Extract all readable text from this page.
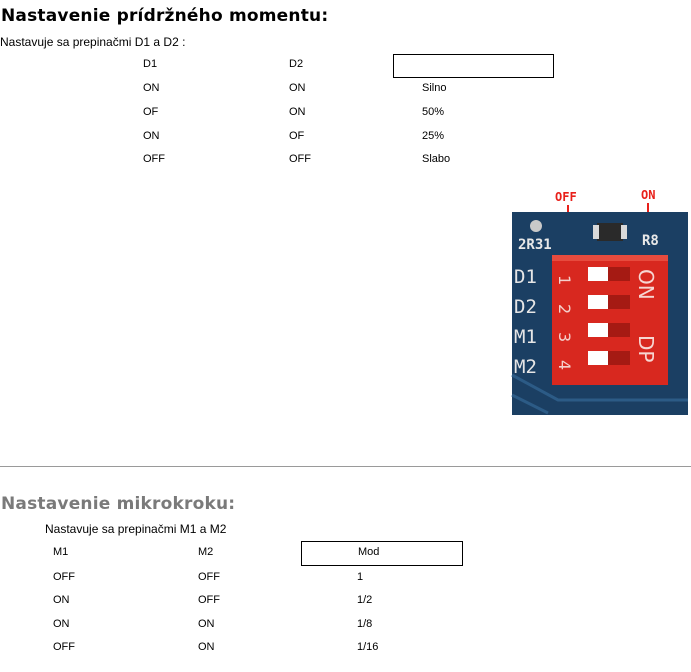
Nastavenie prídržného momentu:
Nastavuje sa prepinačmi D1 a D2 :
D1	D2
ON	ON	Silno
OF	ON	50%
ON	OF	25%
OFF	OFF	Slabo
OFF	ON
2R31	R8
D1
D2
M1
M2
1
2
3
4
ON
DP
Nastavenie mikrokroku:
Nastavuje sa prepinačmi M1 a M2
M1	M2	Mod
OFF	OFF	1
ON	OFF	1/2
ON	ON	1/8
OFF	ON	1/16
